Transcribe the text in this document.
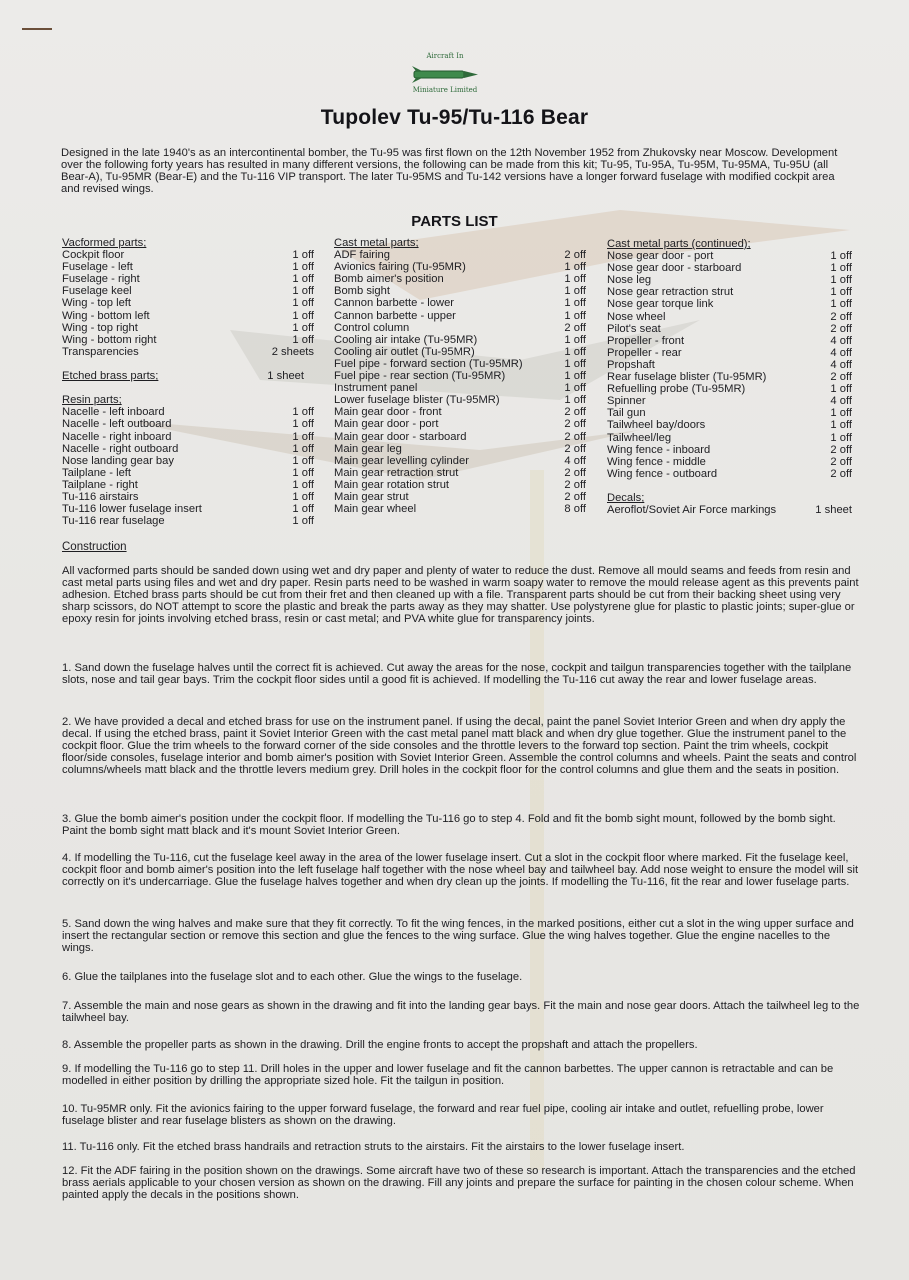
Aircraft In
Miniature Limited
Tupolev Tu-95/Tu-116 Bear
Designed in the late 1940's as an intercontinental bomber, the Tu-95 was first flown on the 12th November 1952 from Zhukovsky near Moscow. Development over the following forty years has resulted in many different versions, the following can be made from this kit; Tu-95, Tu-95A, Tu-95M, Tu-95MA, Tu-95U (all Bear-A), Tu-95MR (Bear-E) and the Tu-116 VIP transport. The later Tu-95MS and Tu-142 versions have a longer forward fuselage with modified cockpit area and revised wings.
PARTS LIST
Vacformed parts;
Cockpit floor	1 off
Fuselage - left	1 off
Fuselage - right	1 off
Fuselage keel	1 off
Wing - top left	1 off
Wing - bottom left	1 off
Wing - top right	1 off
Wing - bottom right	1 off
Transparencies	2 sheets
Etched brass parts;	1 sheet
Resin parts;
Nacelle - left inboard	1 off
Nacelle - left outboard	1 off
Nacelle - right inboard	1 off
Nacelle - right outboard	1 off
Nose landing gear bay	1 off
Tailplane - left	1 off
Tailplane - right	1 off
Tu-116 airstairs	1 off
Tu-116 lower fuselage insert	1 off
Tu-116 rear fuselage	1 off
Cast metal parts;
ADF fairing	2 off
Avionics fairing (Tu-95MR)	1 off
Bomb aimer's position	1 off
Bomb sight	1 off
Cannon barbette - lower	1 off
Cannon barbette - upper	1 off
Control column	2 off
Cooling air intake (Tu-95MR)	1 off
Cooling air outlet (Tu-95MR)	1 off
Fuel pipe - forward section (Tu-95MR)	1 off
Fuel pipe - rear section (Tu-95MR)	1 off
Instrument panel	1 off
Lower fuselage blister (Tu-95MR)	1 off
Main gear door - front	2 off
Main gear door - port	2 off
Main gear door - starboard	2 off
Main gear leg	2 off
Main gear levelling cylinder	4 off
Main gear retraction strut	2 off
Main gear rotation strut	2 off
Main gear strut	2 off
Main gear wheel	8 off
Cast metal parts (continued);
Nose gear door - port	1 off
Nose gear door - starboard	1 off
Nose leg	1 off
Nose gear retraction strut	1 off
Nose gear torque link	1 off
Nose wheel	2 off
Pilot's seat	2 off
Propeller - front	4 off
Propeller - rear	4 off
Propshaft	4 off
Rear fuselage blister (Tu-95MR)	2 off
Refuelling probe (Tu-95MR)	1 off
Spinner	4 off
Tail gun	1 off
Tailwheel bay/doors	1 off
Tailwheel/leg	1 off
Wing fence - inboard	2 off
Wing fence - middle	2 off
Wing fence - outboard	2 off
Decals;
Aeroflot/Soviet Air Force markings	1 sheet
Construction
All vacformed parts should be sanded down using wet and dry paper and plenty of water to reduce the dust. Remove all mould seams and feeds from resin and cast metal parts using files and wet and dry paper. Resin parts need to be washed in warm soapy water to remove the mould release agent as this prevents paint adhesion. Etched brass parts should be cut from their fret and then cleaned up with a file. Transparent parts should be cut from their backing sheet using very sharp scissors, do NOT attempt to score the plastic and break the parts away as they may shatter. Use polystyrene glue for plastic to plastic joints; super-glue or epoxy resin for joints involving etched brass, resin or cast metal; and PVA white glue for transparency joints.
1. Sand down the fuselage halves until the correct fit is achieved. Cut away the areas for the nose, cockpit and tailgun transparencies together with the tailplane slots, nose and tail gear bays. Trim the cockpit floor sides until a good fit is achieved. If modelling the Tu-116 cut away the rear and lower fuselage areas.
2. We have provided a decal and etched brass for use on the instrument panel. If using the decal, paint the panel Soviet Interior Green and when dry apply the decal. If using the etched brass, paint it Soviet Interior Green with the cast metal panel matt black and when dry glue together. Glue the instrument panel to the cockpit floor. Glue the trim wheels to the forward corner of the side consoles and the throttle levers to the forward top section. Paint the trim wheels, cockpit floor/side consoles, fuselage interior and bomb aimer's position with Soviet Interior Green. Assemble the control columns and wheels. Paint the seats and control columns/wheels matt black and the throttle levers medium grey. Drill holes in the cockpit floor for the control columns and glue them and the seats in position.
3. Glue the bomb aimer's position under the cockpit floor. If modelling the Tu-116 go to step 4. Fold and fit the bomb sight mount, followed by the bomb sight. Paint the bomb sight matt black and it's mount Soviet Interior Green.
4. If modelling the Tu-116, cut the fuselage keel away in the area of the lower fuselage insert. Cut a slot in the cockpit floor where marked. Fit the fuselage keel, cockpit floor and bomb aimer's position into the left fuselage half together with the nose wheel bay and tailwheel bay. Add nose weight to ensure the model will sit correctly on it's undercarriage. Glue the fuselage halves together and when dry clean up the joints. If modelling the Tu-116, fit the rear and lower fuselage parts.
5. Sand down the wing halves and make sure that they fit correctly. To fit the wing fences, in the marked positions, either cut a slot in the wing upper surface and insert the rectangular section or remove this section and glue the fences to the wing surface. Glue the wing halves together. Glue the engine nacelles to the wings.
6. Glue the tailplanes into the fuselage slot and to each other. Glue the wings to the fuselage.
7. Assemble the main and nose gears as shown in the drawing and fit into the landing gear bays. Fit the main and nose gear doors. Attach the tailwheel leg to the tailwheel bay.
8. Assemble the propeller parts as shown in the drawing. Drill the engine fronts to accept the propshaft and attach the propellers.
9. If modelling the Tu-116 go to step 11. Drill holes in the upper and lower fuselage and fit the cannon barbettes. The upper cannon is retractable and can be modelled in either position by drilling the appropriate sized hole. Fit the tailgun in position.
10. Tu-95MR only. Fit the avionics fairing to the upper forward fuselage, the forward and rear fuel pipe, cooling air intake and outlet, refuelling probe, lower fuselage blister and rear fuselage blisters as shown on the drawing.
11. Tu-116 only. Fit the etched brass handrails and retraction struts to the airstairs. Fit the airstairs to the lower fuselage insert.
12. Fit the ADF fairing in the position shown on the drawings. Some aircraft have two of these so research is important. Attach the transparencies and the etched brass aerials applicable to your chosen version as shown on the drawing. Fill any joints and prepare the surface for painting in the chosen colour scheme. When painted apply the decals in the positions shown.
